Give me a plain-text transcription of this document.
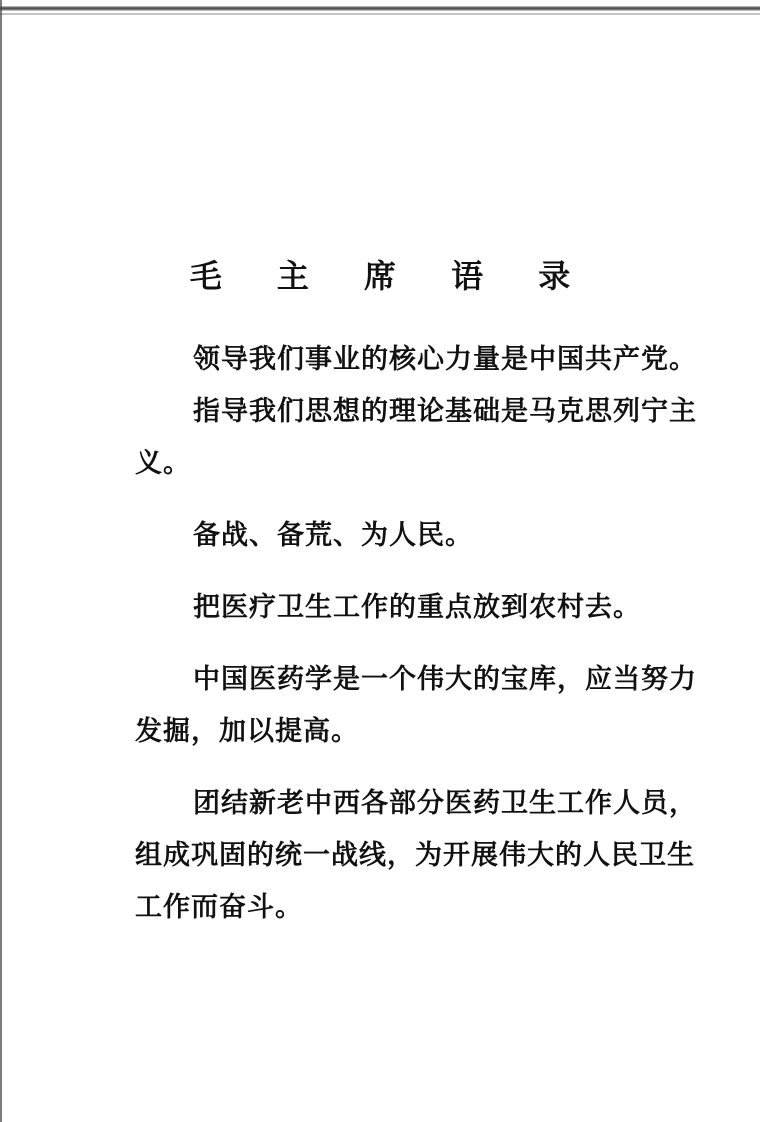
毛 主 席 语 录

领导我们事业的核心力量是中国共产党。

指导我们思想的理论基础是马克思列宁主义。

备战、备荒、为人民。

把医疗卫生工作的重点放到农村去。

中国医药学是一个伟大的宝库，应当努力发掘，加以提高。

团结新老中西各部分医药卫生工作人员，组成巩固的统一战线，为开展伟大的人民卫生工作而奋斗。
